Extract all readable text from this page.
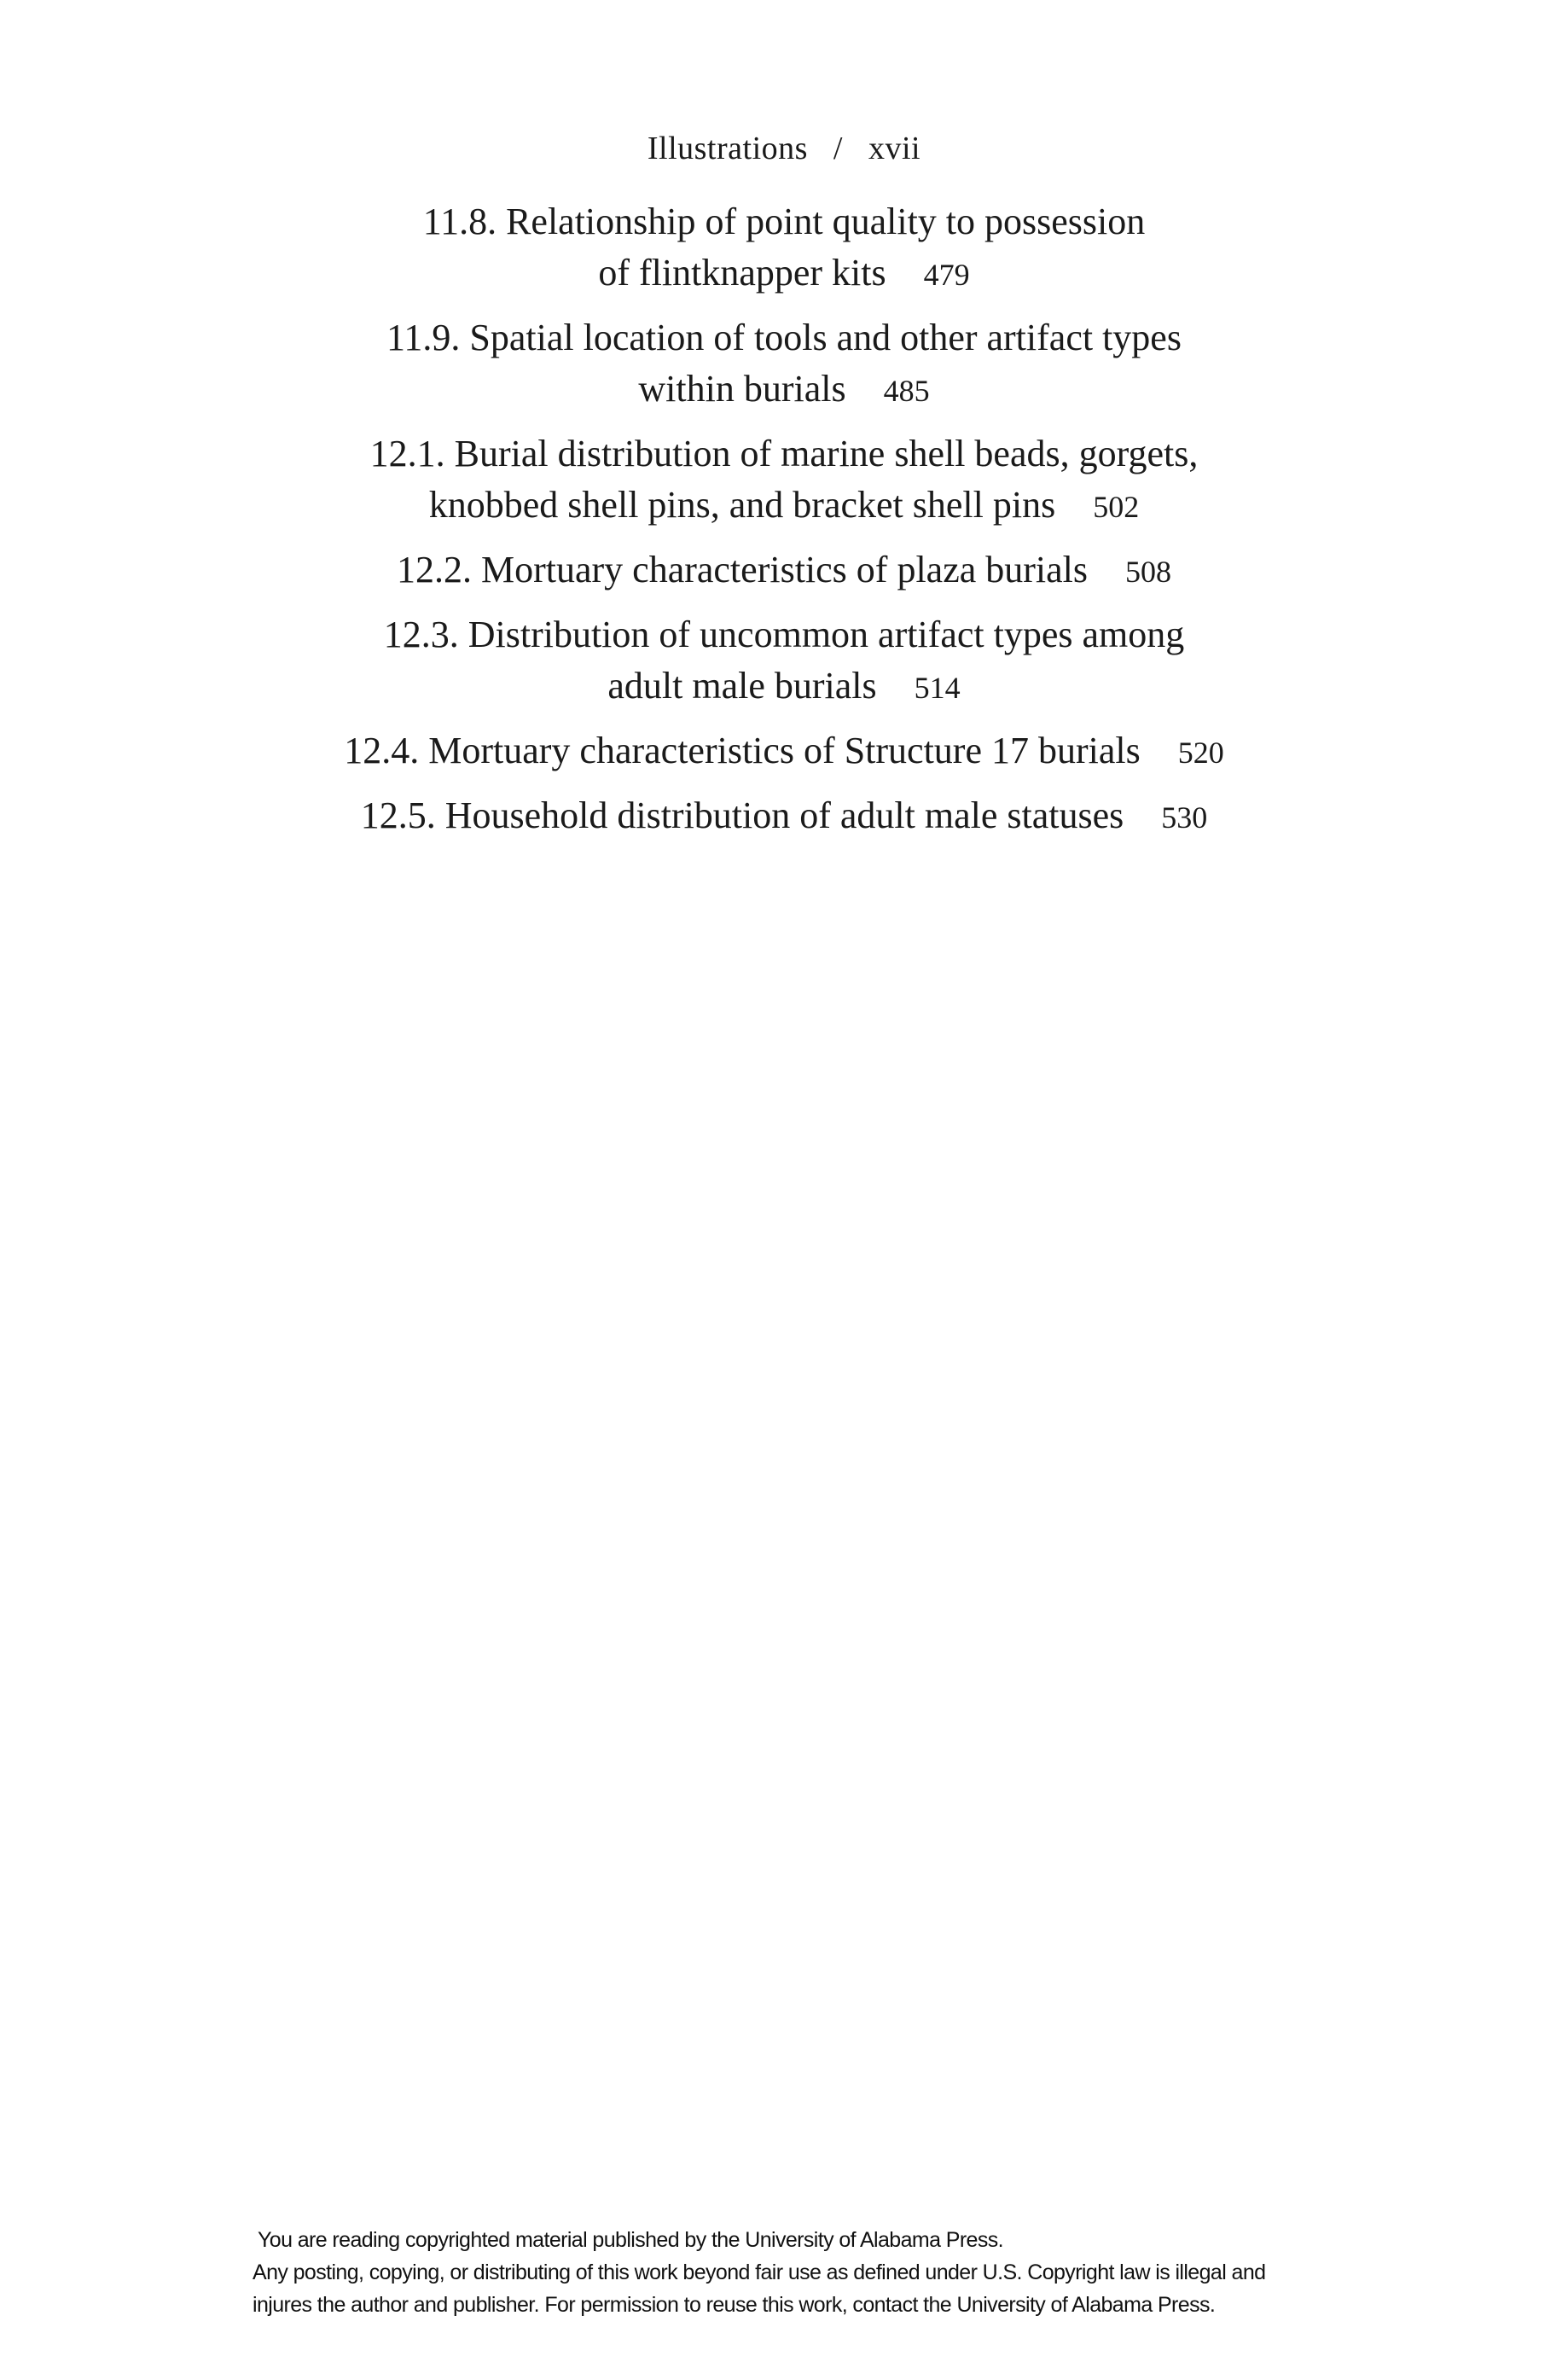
Illustrations / xvii
11.8. Relationship of point quality to possession
of flintknapper kits 479
11.9. Spatial location of tools and other artifact types
within burials 485
12.1. Burial distribution of marine shell beads, gorgets,
knobbed shell pins, and bracket shell pins 502
12.2. Mortuary characteristics of plaza burials 508
12.3. Distribution of uncommon artifact types among
adult male burials 514
12.4. Mortuary characteristics of Structure 17 burials 520
12.5. Household distribution of adult male statuses 530
You are reading copyrighted material published by the University of Alabama Press.
Any posting, copying, or distributing of this work beyond fair use as defined under U.S. Copyright law is illegal and
injures the author and publisher. For permission to reuse this work, contact the University of Alabama Press.
